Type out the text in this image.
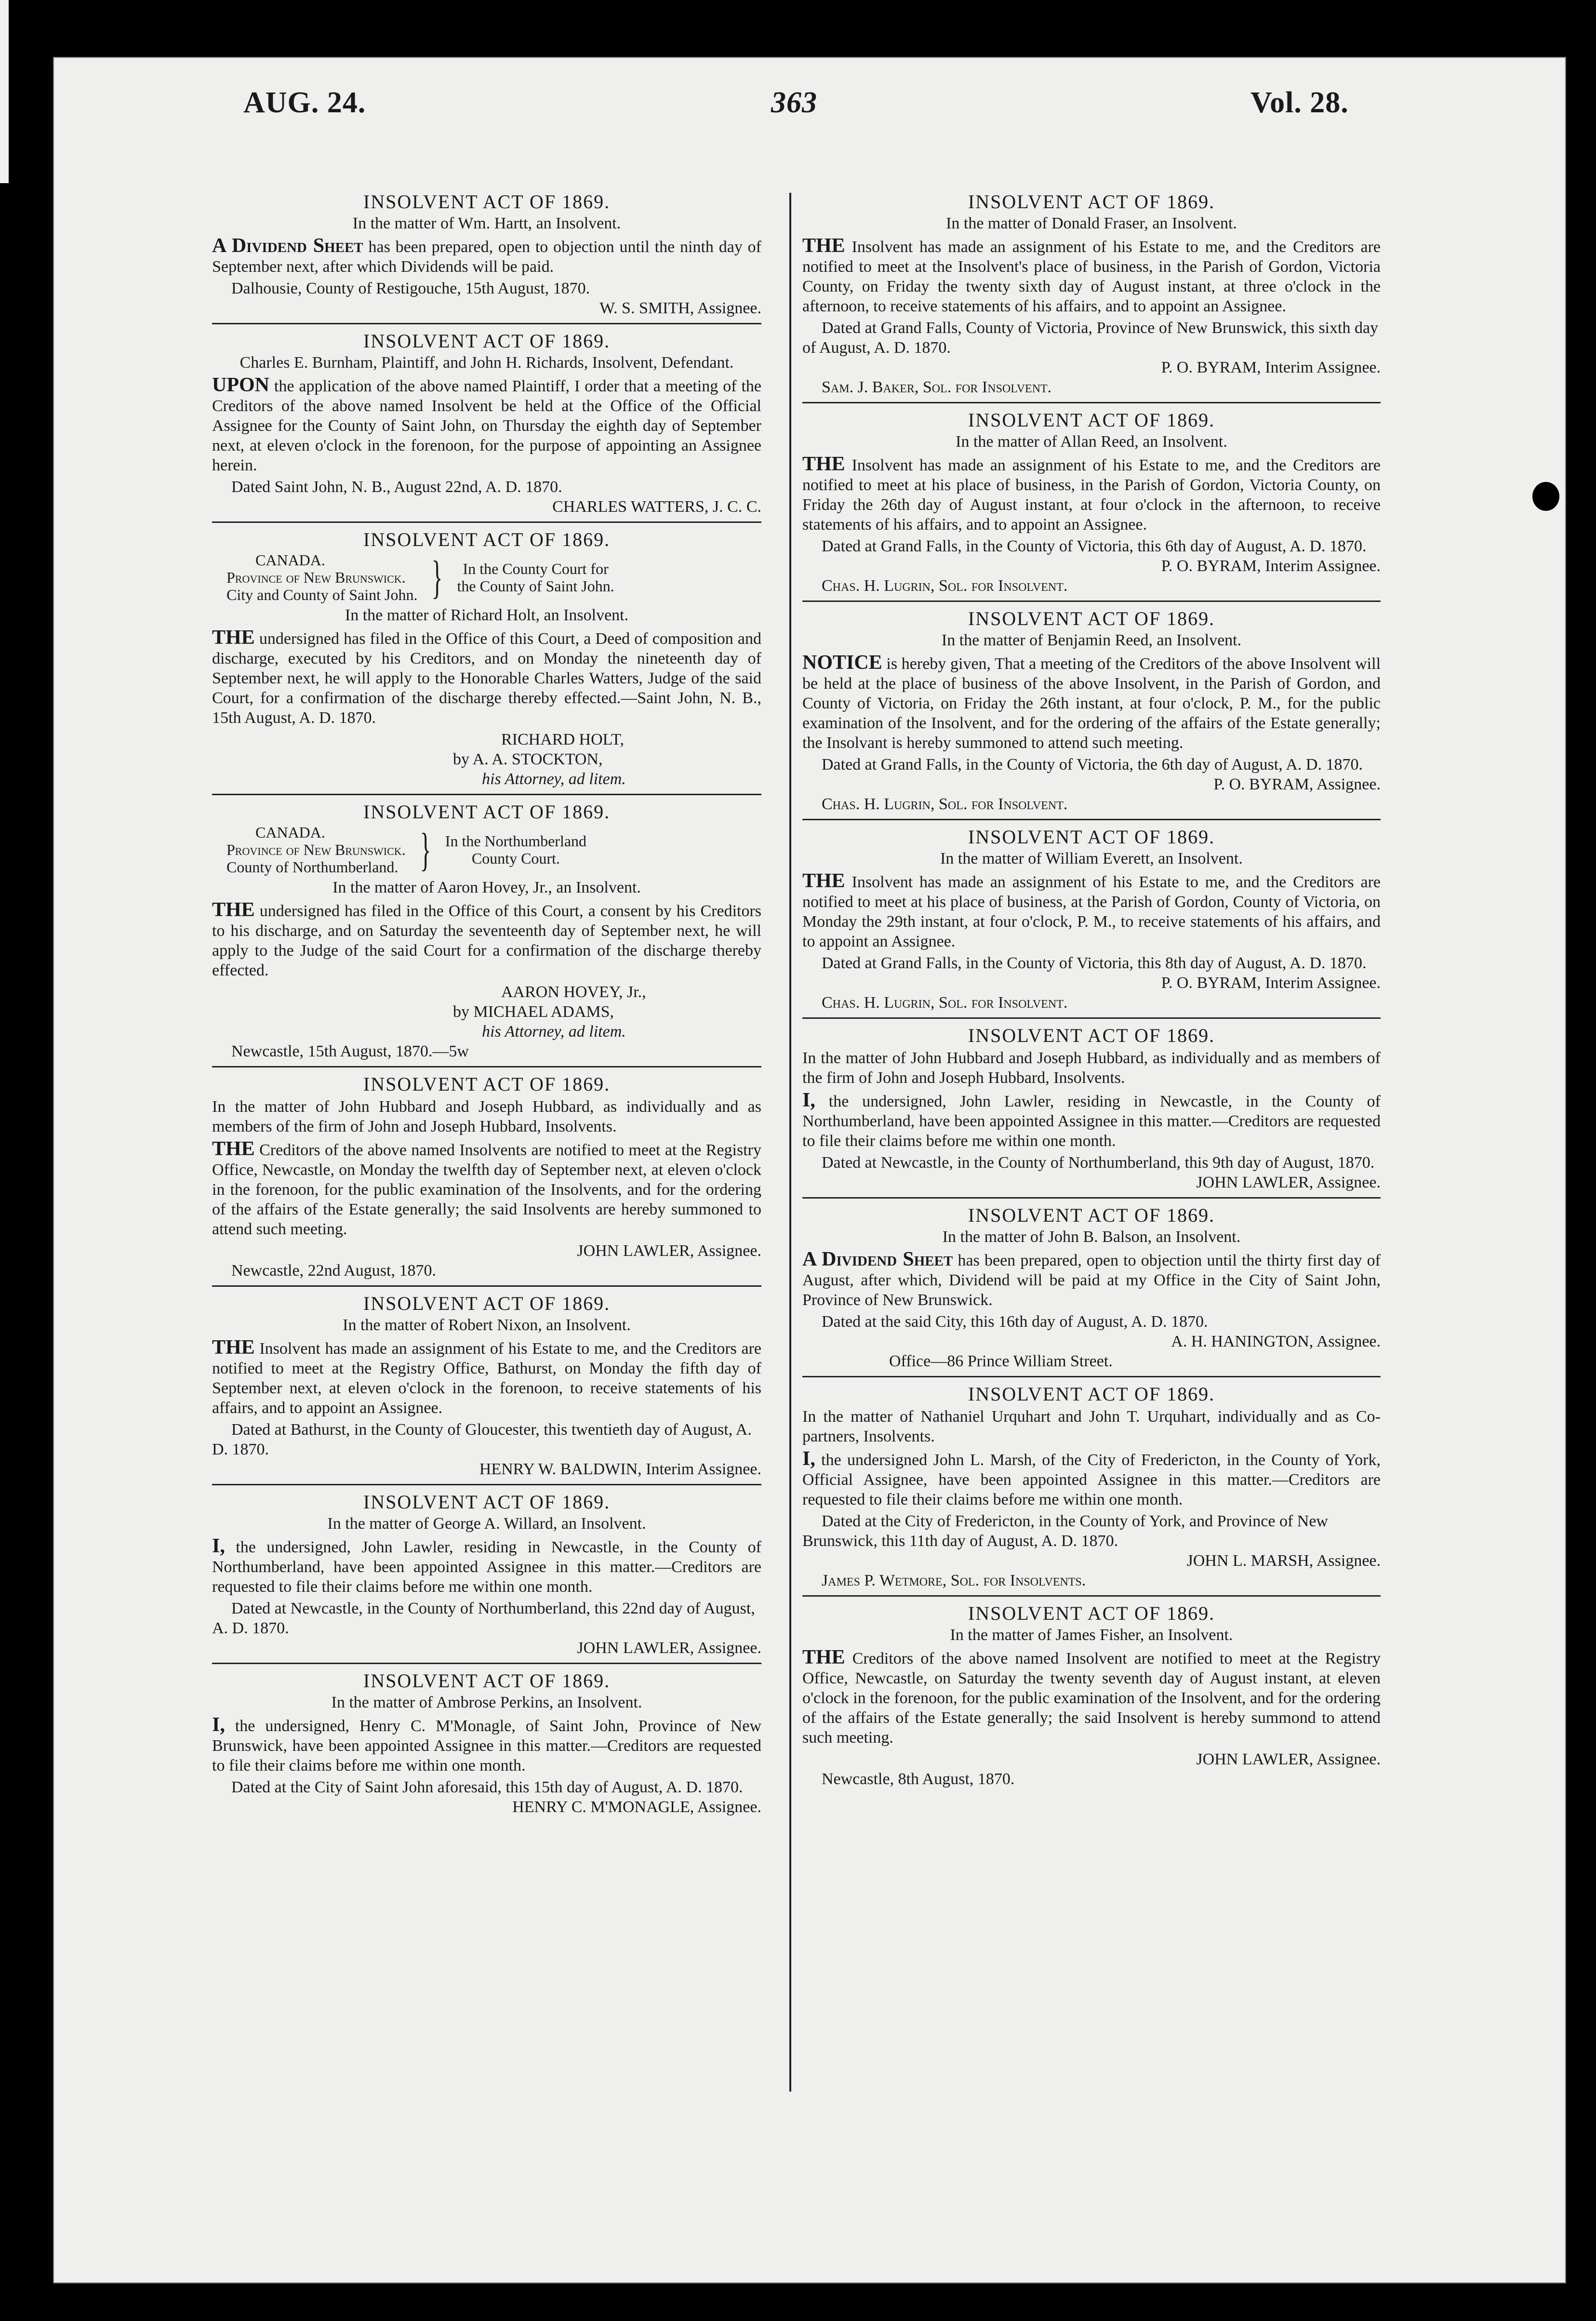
AUG. 24.	363	Vol. 28.
INSOLVENT ACT OF 1869.
In the matter of Wm. Hartt, an Insolvent.
A Dividend Sheet has been prepared, open to objection until the ninth day of September next, after which Dividends will be paid.
Dalhousie, County of Restigouche, 15th August, 1870.
W. S. SMITH, Assignee.
INSOLVENT ACT OF 1869.
Charles E. Burnham, Plaintiff, and John H. Richards, Insolvent, Defendant.
UPON the application of the above named Plaintiff, I order that a meeting of the Creditors of the above named Insolvent be held at the Office of the Official Assignee for the County of Saint John, on Thursday the eighth day of September next, at eleven o'clock in the forenoon, for the purpose of appointing an Assignee herein.
Dated Saint John, N. B., August 22nd, A. D. 1870.
CHARLES WATTERS, J. C. C.
INSOLVENT ACT OF 1869.
CANADA.
Province of New Brunswick.
City and County of Saint John. }	In the County Court for
the County of Saint John.
In the matter of Richard Holt, an Insolvent.
THE undersigned has filed in the Office of this Court, a Deed of composition and discharge, executed by his Creditors, and on Monday the nineteenth day of September next, he will apply to the Honorable Charles Watters, Judge of the said Court, for a confirmation of the discharge thereby effected.—Saint John, N. B., 15th August, A. D. 1870.
RICHARD HOLT,
by A. A. STOCKTON,
his Attorney, ad litem.
INSOLVENT ACT OF 1869.
CANADA.
Province of New Brunswick.
County of Northumberland. } In the Northumberland
County Court.
In the matter of Aaron Hovey, Jr., an Insolvent.
THE undersigned has filed in the Office of this Court, a consent by his Creditors to his discharge, and on Saturday the seventeenth day of September next, he will apply to the Judge of the said Court for a confirmation of the discharge thereby effected.
AARON HOVEY, Jr.,
by MICHAEL ADAMS,
his Attorney, ad litem.
Newcastle, 15th August, 1870.—5w
INSOLVENT ACT OF 1869.
In the matter of John Hubbard and Joseph Hubbard, as individually and as members of the firm of John and Joseph Hubbard, Insolvents.
THE Creditors of the above named Insolvents are notified to meet at the Registry Office, Newcastle, on Monday the twelfth day of September next, at eleven o'clock in the forenoon, for the public examination of the Insolvents, and for the ordering of the affairs of the Estate generally; the said Insolvents are hereby summoned to attend such meeting.
JOHN LAWLER, Assignee.
Newcastle, 22nd August, 1870.
INSOLVENT ACT OF 1869.
In the matter of Robert Nixon, an Insolvent.
THE Insolvent has made an assignment of his Estate to me, and the Creditors are notified to meet at the Registry Office, Bathurst, on Monday the fifth day of September next, at eleven o'clock in the forenoon, to receive statements of his affairs, and to appoint an Assignee.
Dated at Bathurst, in the County of Gloucester, this twentieth day of August, A. D. 1870.
HENRY W. BALDWIN, Interim Assignee.
INSOLVENT ACT OF 1869.
In the matter of George A. Willard, an Insolvent.
I, the undersigned, John Lawler, residing in Newcastle, in the County of Northumberland, have been appointed Assignee in this matter.—Creditors are requested to file their claims before me within one month.
Dated at Newcastle, in the County of Northumberland, this 22nd day of August, A. D. 1870.
JOHN LAWLER, Assignee.
INSOLVENT ACT OF 1869.
In the matter of Ambrose Perkins, an Insolvent.
I, the undersigned, Henry C. M'Monagle, of Saint John, Province of New Brunswick, have been appointed Assignee in this matter.—Creditors are requested to file their claims before me within one month.
Dated at the City of Saint John aforesaid, this 15th day of August, A. D. 1870.
HENRY C. M'MONAGLE, Assignee.
INSOLVENT ACT OF 1869.
In the matter of Donald Fraser, an Insolvent.
THE Insolvent has made an assignment of his Estate to me, and the Creditors are notified to meet at the Insolvent's place of business, in the Parish of Gordon, Victoria County, on Friday the twenty sixth day of August instant, at three o'clock in the afternoon, to receive statements of his affairs, and to appoint an Assignee.
Dated at Grand Falls, County of Victoria, Province of New Brunswick, this sixth day of August, A. D. 1870.
P. O. BYRAM, Interim Assignee.
Sam. J. Baker, Sol. for Insolvent.
INSOLVENT ACT OF 1869.
In the matter of Allan Reed, an Insolvent.
THE Insolvent has made an assignment of his Estate to me, and the Creditors are notified to meet at his place of business, in the Parish of Gordon, Victoria County, on Friday the 26th day of August instant, at four o'clock in the afternoon, to receive statements of his affairs, and to appoint an Assignee.
Dated at Grand Falls, in the County of Victoria, this 6th day of August, A. D. 1870.
P. O. BYRAM, Interim Assignee.
Chas. H. Lugrin, Sol. for Insolvent.
INSOLVENT ACT OF 1869.
In the matter of Benjamin Reed, an Insolvent.
NOTICE is hereby given, That a meeting of the Creditors of the above Insolvent will be held at the place of business of the above Insolvent, in the Parish of Gordon, and County of Victoria, on Friday the 26th instant, at four o'clock, P. M., for the public examination of the Insolvent, and for the ordering of the affairs of the Estate generally; the Insolvant is hereby summoned to attend such meeting.
Dated at Grand Falls, in the County of Victoria, the 6th day of August, A. D. 1870.
P. O. BYRAM, Assignee.
Chas. H. Lugrin, Sol. for Insolvent.
INSOLVENT ACT OF 1869.
In the matter of William Everett, an Insolvent.
THE Insolvent has made an assignment of his Estate to me, and the Creditors are notified to meet at his place of business, at the Parish of Gordon, County of Victoria, on Monday the 29th instant, at four o'clock, P. M., to receive statements of his affairs, and to appoint an Assignee.
Dated at Grand Falls, in the County of Victoria, this 8th day of August, A. D. 1870.
P. O. BYRAM, Interim Assignee.
Chas. H. Lugrin, Sol. for Insolvent.
INSOLVENT ACT OF 1869.
In the matter of John Hubbard and Joseph Hubbard, as individually and as members of the firm of John and Joseph Hubbard, Insolvents.
I, the undersigned, John Lawler, residing in Newcastle, in the County of Northumberland, have been appointed Assignee in this matter.—Creditors are requested to file their claims before me within one month.
Dated at Newcastle, in the County of Northumberland, this 9th day of August, 1870.
JOHN LAWLER, Assignee.
INSOLVENT ACT OF 1869.
In the matter of John B. Balson, an Insolvent.
A Dividend Sheet has been prepared, open to objection until the thirty first day of August, after which, Dividend will be paid at my Office in the City of Saint John, Province of New Brunswick.
Dated at the said City, this 16th day of August, A. D. 1870.
A. H. HANINGTON, Assignee.
Office—86 Prince William Street.
INSOLVENT ACT OF 1869.
In the matter of Nathaniel Urquhart and John T. Urquhart, individually and as Co-partners, Insolvents.
I, the undersigned John L. Marsh, of the City of Fredericton, in the County of York, Official Assignee, have been appointed Assignee in this matter.—Creditors are requested to file their claims before me within one month.
Dated at the City of Fredericton, in the County of York, and Province of New Brunswick, this 11th day of August, A. D. 1870.
JOHN L. MARSH, Assignee.
James P. Wetmore, Sol. for Insolvents.
INSOLVENT ACT OF 1869.
In the matter of James Fisher, an Insolvent.
THE Creditors of the above named Insolvent are notified to meet at the Registry Office, Newcastle, on Saturday the twenty seventh day of August instant, at eleven o'clock in the forenoon, for the public examination of the Insolvent, and for the ordering of the affairs of the Estate generally; the said Insolvent is hereby summond to attend such meeting.
JOHN LAWLER, Assignee.
Newcastle, 8th August, 1870.
